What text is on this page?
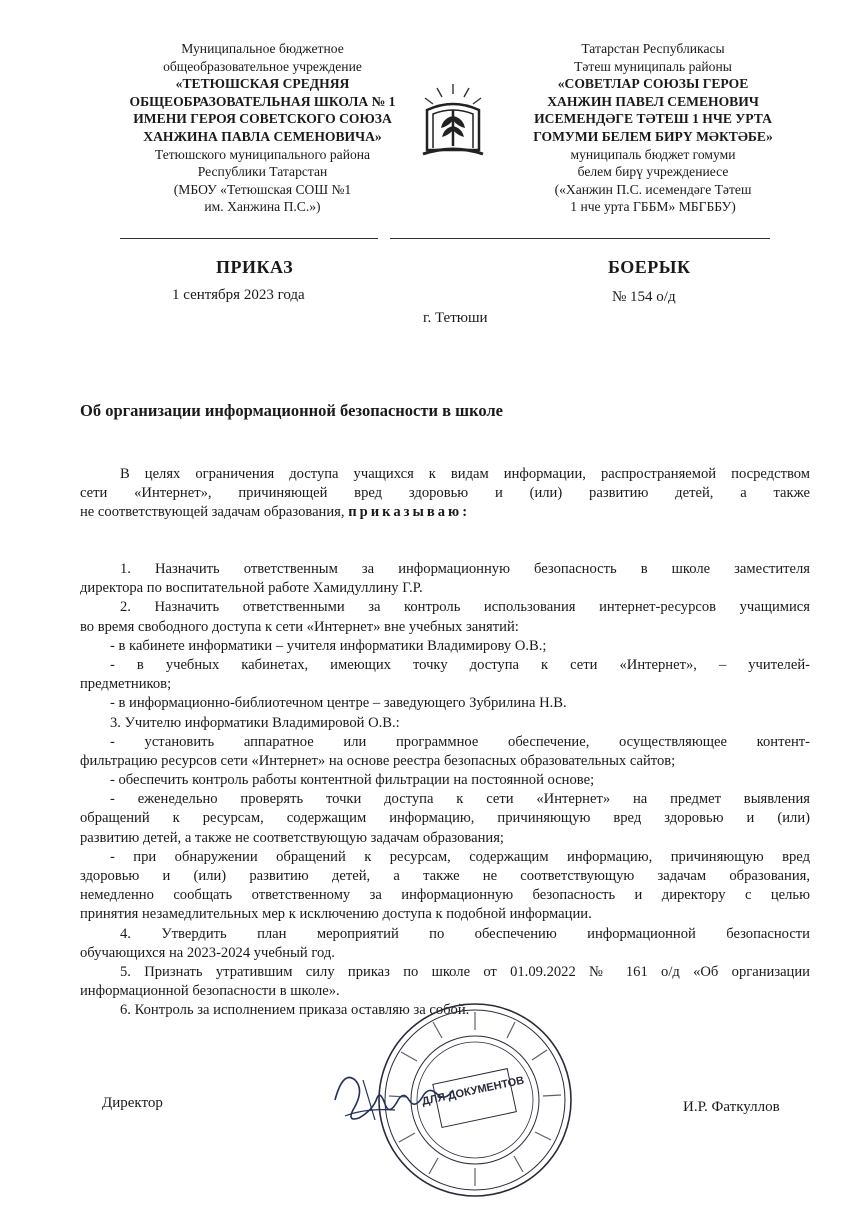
Муниципальное бюджетное
общеобразовательное учреждение
«ТЕТЮШСКАЯ СРЕДНЯЯ
ОБЩЕОБРАЗОВАТЕЛЬНАЯ ШКОЛА № 1
ИМЕНИ ГЕРОЯ СОВЕТСКОГО СОЮЗА
ХАНЖИНА ПАВЛА СЕМЕНОВИЧА»
Тетюшского муниципального района
Республики Татарстан
(МБОУ «Тетюшская СОШ №1
им. Ханжина П.С.»)
Татарстан Республикасы
Тәтеш муниципаль районы
«СОВЕТЛАР СОЮЗЫ ГЕРОЕ
ХАНЖИН ПАВЕЛ СЕМЕНОВИЧ
ИСЕМЕНДӘГЕ ТӘТЕШ 1 НЧЕ УРТА
ГОМУМИ БЕЛЕМ БИРҮ МӘКТӘБЕ»
муниципаль бюджет гомуми
белем бирү учреждениесе
(«Ханжин П.С. исемендәге Тәтеш
1 нче урта ГББМ» МБГББУ)
ПРИКАЗ	БОЕРЫК
1 сентября 2023 года	№ 154 о/д
г. Тетюши
Об организации информационной безопасности в школе
В целях ограничения доступа учащихся к видам информации, распространяемой посредством
сети «Интернет», причиняющей вред здоровью и (или) развитию детей, а также
не соответствующей задачам образования, приказываю:
1. Назначить ответственным за информационную безопасность в школе заместителя
директора по воспитательной работе Хамидуллину Г.Р.
2. Назначить ответственными за контроль использования интернет-ресурсов учащимися
во время свободного доступа к сети «Интернет» вне учебных занятий:
- в кабинете информатики – учителя информатики Владимирову О.В.;
- в учебных кабинетах, имеющих точку доступа к сети «Интернет», – учителей-
предметников;
- в информационно-библиотечном центре – заведующего Зубрилина Н.В.
3. Учителю информатики Владимировой О.В.:
- установить аппаратное или программное обеспечение, осуществляющее контент-
фильтрацию ресурсов сети «Интернет» на основе реестра безопасных образовательных сайтов;
- обеспечить контроль работы контентной фильтрации на постоянной основе;
- еженедельно проверять точки доступа к сети «Интернет» на предмет выявления
обращений к ресурсам, содержащим информацию, причиняющую вред здоровью и (или)
развитию детей, а также не соответствующую задачам образования;
- при обнаружении обращений к ресурсам, содержащим информацию, причиняющую вред
здоровью и (или) развитию детей, а также не соответствующую задачам образования,
немедленно сообщать ответственному за информационную безопасность и директору с целью
принятия незамедлительных мер к исключению доступа к подобной информации.
4. Утвердить план мероприятий по обеспечению информационной безопасности
обучающихся на 2023-2024 учебный год.
5. Признать утратившим силу приказ по школе от 01.09.2022 № 161 о/д «Об организации
информационной безопасности в школе».
6. Контроль за исполнением приказа оставляю за собой.
ДЛЯ ДОКУМЕНТОВ
Директор	И.Р. Фаткуллов
